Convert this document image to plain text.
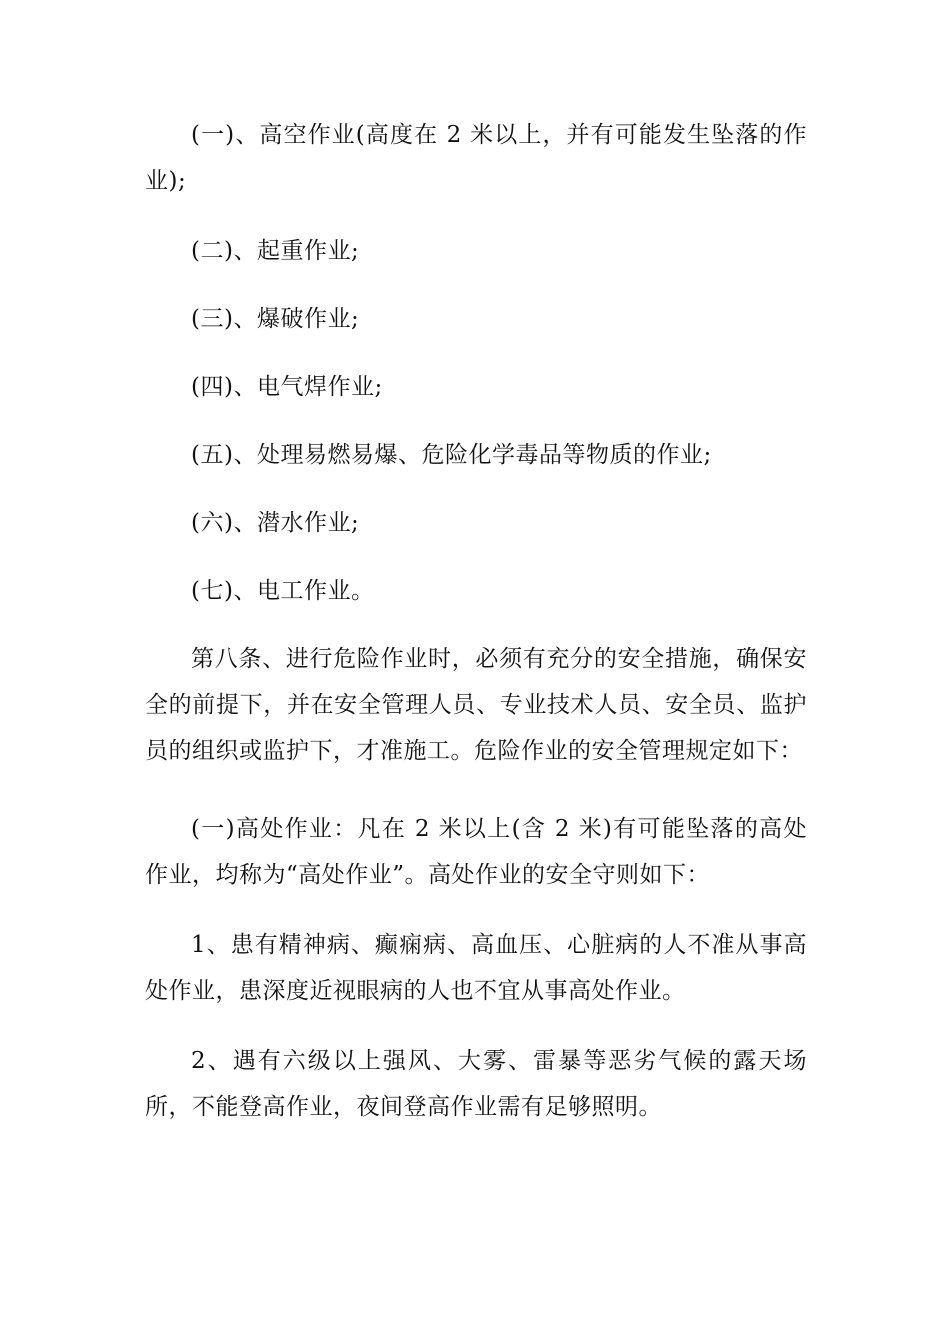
(一)、高空作业(高度在 2 米以上，并有可能发生坠落的作业);

(二)、起重作业;

(三)、爆破作业;

(四)、电气焊作业;

(五)、处理易燃易爆、危险化学毒品等物质的作业;

(六)、潜水作业;

(七)、电工作业。

第八条、进行危险作业时，必须有充分的安全措施，确保安全的前提下，并在安全管理人员、专业技术人员、安全员、监护员的组织或监护下，才准施工。危险作业的安全管理规定如下：

(一)高处作业：凡在 2 米以上(含 2 米)有可能坠落的高处作业，均称为“高处作业”。高处作业的安全守则如下：

1、患有精神病、癫痫病、高血压、心脏病的人不准从事高处作业，患深度近视眼病的人也不宜从事高处作业。

2、遇有六级以上强风、大雾、雷暴等恶劣气候的露天场所，不能登高作业，夜间登高作业需有足够照明。
